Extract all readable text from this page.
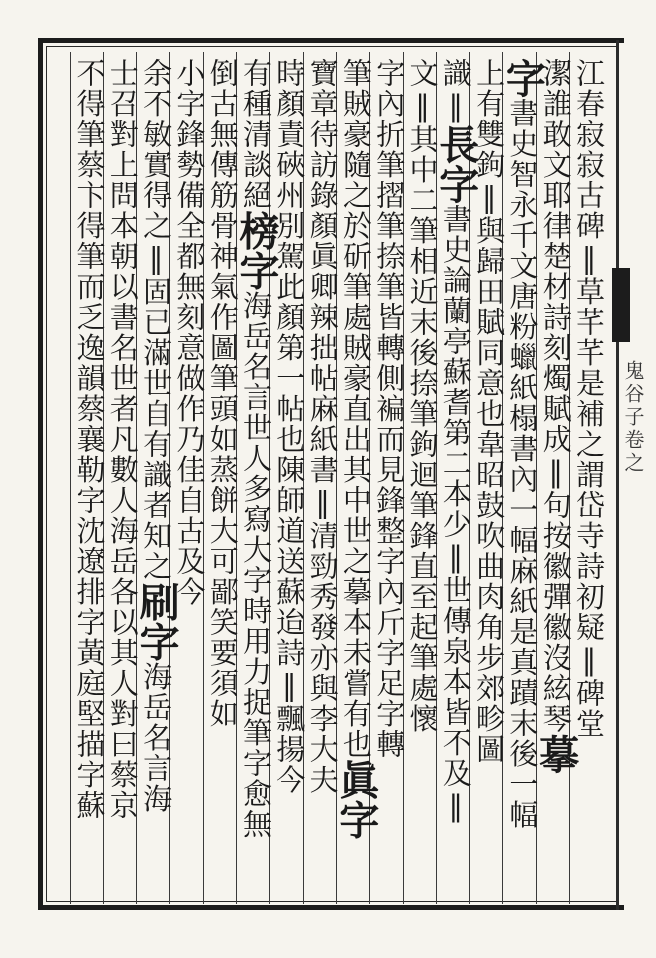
鬼谷子卷之
江春寂寂古碑‖草芊芊是補之謂岱寺詩初疑‖碑堂
潔誰敢文耶律楚材詩刻燭賦成‖句按徽彈徽沒絃琴摹
字書史智永千文唐粉蠟紙榻書內一幅麻紙是真蹟末後一幅
上有雙鉤‖與歸田賦同意也韋昭鼓吹曲肉角步郊畛圖
識‖長字書史論蘭亭蘇耆第二本少‖世傳泉本皆不及‖
文‖其中二筆相近末後捺筆鉤迴筆鋒直至起筆處懷
字內折筆摺筆捺筆皆轉側褊而見鋒整字內斤字足字轉
筆賊豪隨之於斫筆處賊豪直出其中世之摹本未嘗有也眞字
寶章待訪錄顏眞卿辣拙帖麻紙書‖清勁秀發亦與李大夫
時顏責硤州別駕此顏第一帖也陳師道送蘇迨詩‖飄揚今
有種清談絕榜字海岳名言世人多寫大字時用力捉筆字愈無
倒古無傳筋骨神氣作圖筆頭如蒸餅大可鄙笑要須如
小字鋒勢備全都無刻意做作乃佳自古及今
余不敏實得之‖固已滿世自有識者知之刷字海岳名言海
士召對上問本朝以書名世者凡數人海岳各以其人對曰蔡京
不得筆蔡卞得筆而乏逸韻蔡襄勒字沈遼排字黃庭堅描字蘇
